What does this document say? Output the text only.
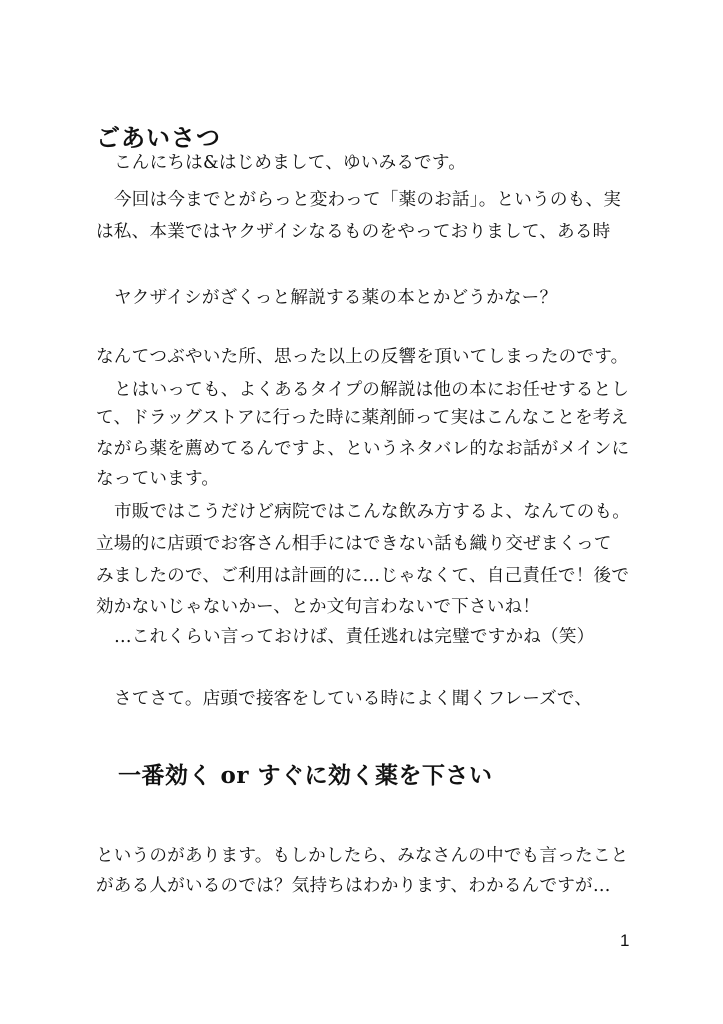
ごあいさつ
こんにちは&はじめまして、ゆいみるです。
今回は今までとがらっと変わって「薬のお話」。というのも、実
は私、本業ではヤクザイシなるものをやっておりまして、ある時
ヤクザイシがざくっと解説する薬の本とかどうかなー？
なんてつぶやいた所、思った以上の反響を頂いてしまったのです。
とはいっても、よくあるタイプの解説は他の本にお任せするとし
て、ドラッグストアに行った時に薬剤師って実はこんなことを考え
ながら薬を薦めてるんですよ、というネタバレ的なお話がメインに
なっています。
市販ではこうだけど病院ではこんな飲み方するよ、なんてのも。
立場的に店頭でお客さん相手にはできない話も織り交ぜまくって
みましたので、ご利用は計画的に…じゃなくて、自己責任で！後で
効かないじゃないかー、とか文句言わないで下さいね！
…これくらい言っておけば、責任逃れは完璧ですかね（笑）
さてさて。店頭で接客をしている時によく聞くフレーズで、
一番効く or すぐに効く薬を下さい
というのがあります。もしかしたら、みなさんの中でも言ったこと
がある人がいるのでは？気持ちはわかります、わかるんですが…
1
